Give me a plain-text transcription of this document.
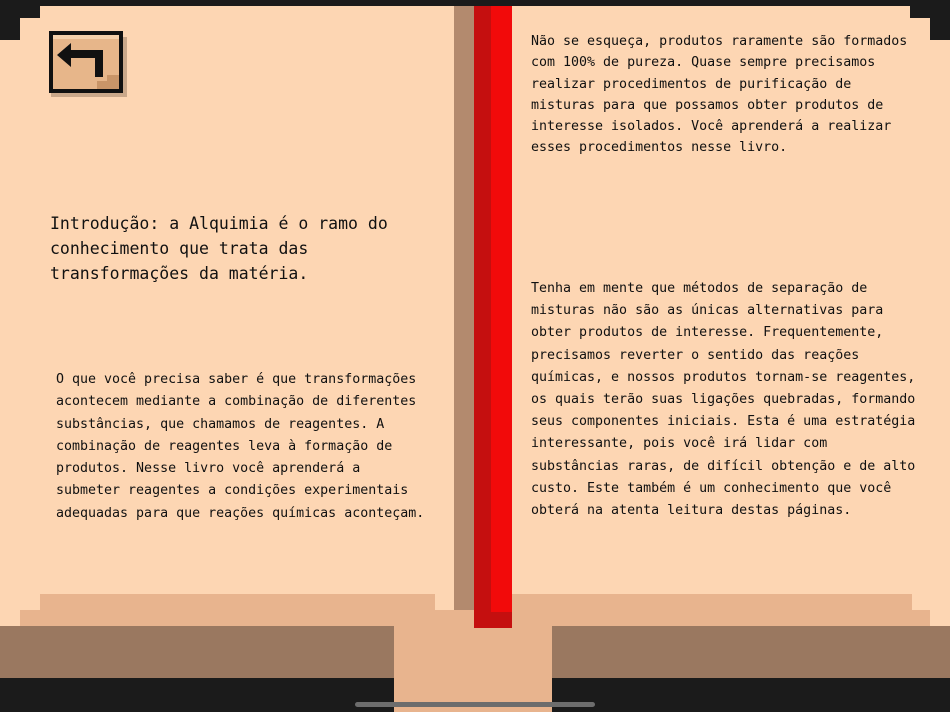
Introdução: a Alquimia é o ramo do conhecimento que trata das transformações da matéria.

O que você precisa saber é que transformações acontecem mediante a combinação de diferentes substâncias, que chamamos de reagentes. A combinação de reagentes leva à formação de produtos. Nesse livro você aprenderá a submeter reagentes a condições experimentais adequadas para que reações químicas aconteçam.

Não se esqueça, produtos raramente são formados com 100% de pureza. Quase sempre precisamos realizar procedimentos de purificação de misturas para que possamos obter produtos de interesse isolados. Você aprenderá a realizar esses procedimentos nesse livro.

Tenha em mente que métodos de separação de misturas não são as únicas alternativas para obter produtos de interesse. Frequentemente, precisamos reverter o sentido das reações químicas, e nossos produtos tornam-se reagentes, os quais terão suas ligações quebradas, formando seus componentes iniciais. Esta é uma estratégia interessante, pois você irá lidar com substâncias raras, de difícil obtenção e de alto custo. Este também é um conhecimento que você obterá na atenta leitura destas páginas.
